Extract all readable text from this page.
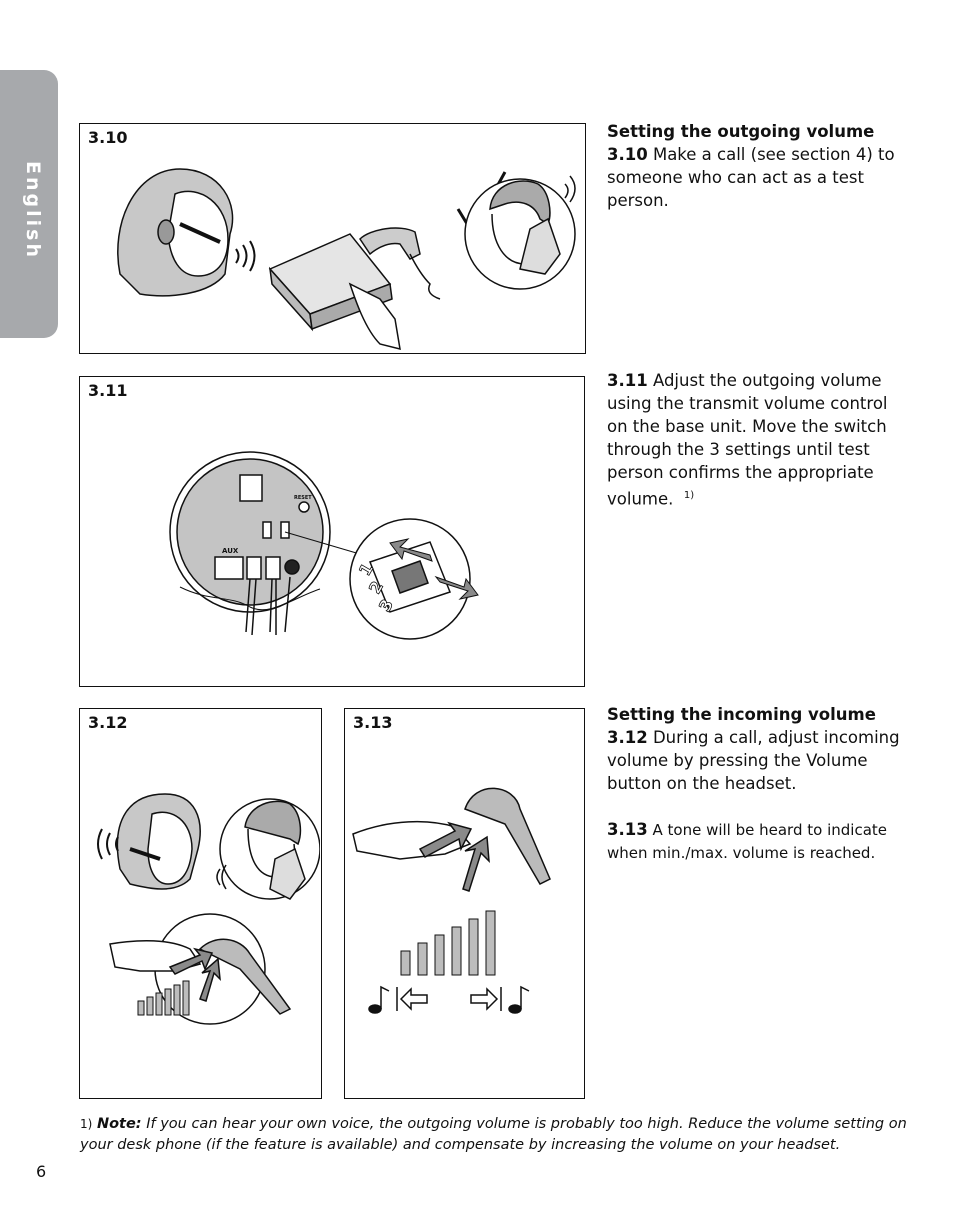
English
3.10
3.11
AUX
RESET
1
2
3
3.12	3.13
Setting the outgoing volume
3.10 Make a call (see section 4) to someone who can act as a test person.
3.11 Adjust the outgoing volume using the transmit volume control on the base unit. Move the switch through the 3 settings until test person confirms the appropriate volume. $^{1)}$
Setting the incoming volume
3.12 During a call, adjust incoming volume by pressing the Volume button on the headset.
3.13 A tone will be heard to indicate when min./max. volume is reached.
1) Note: If you can hear your own voice, the outgoing volume is probably too high. Reduce the volume setting on your desk phone (if the feature is available) and compensate by increasing the volume on your headset.
6
